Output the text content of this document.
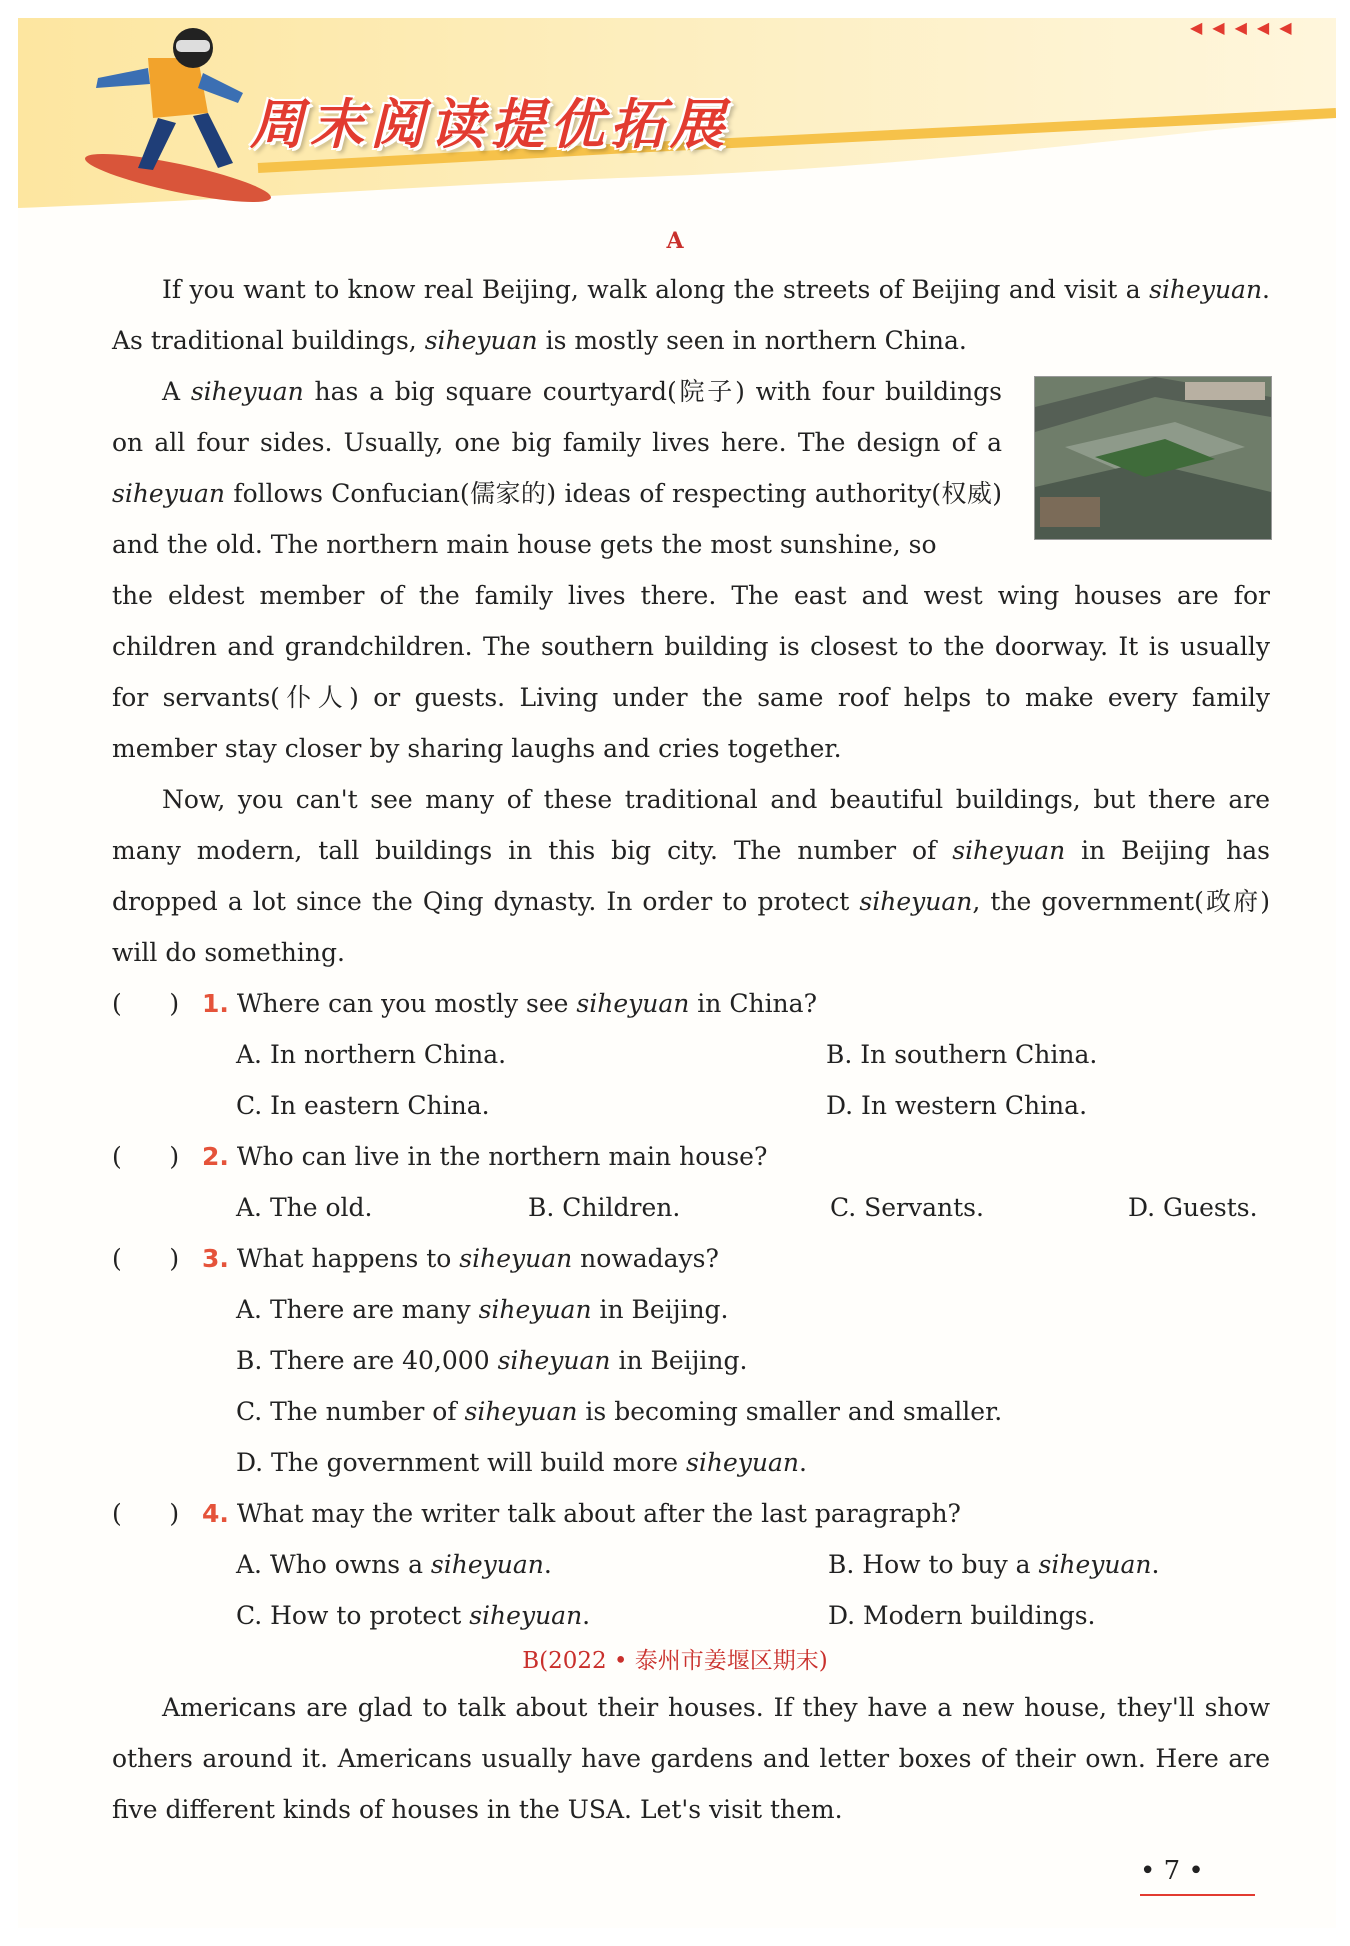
周末阅读提优拓展
◀◀◀◀◀
A

If you want to know real Beijing, walk along the streets of Beijing and visit a siheyuan. As traditional buildings, siheyuan is mostly seen in northern China.

A siheyuan has a big square courtyard(院子) with four buildings on all four sides. Usually, one big family lives here. The design of a siheyuan follows Confucian(儒家的) ideas of respecting authority(权威) and the old. The northern main house gets the most sunshine, so

the eldest member of the family lives there. The east and west wing houses are for children and grandchildren. The southern building is closest to the doorway. It is usually for servants(仆人) or guests. Living under the same roof helps to make every family member stay closer by sharing laughs and cries together.

Now, you can't see many of these traditional and beautiful buildings, but there are many modern, tall buildings in this big city. The number of siheyuan in Beijing has dropped a lot since the Qing dynasty. In order to protect siheyuan, the government(政府) will do something.

(      ) 1. Where can you mostly see siheyuan in China?
A. In northern China.	B. In southern China.
C. In eastern China.	D. In western China.
(      ) 2. Who can live in the northern main house?
A. The old.	B. Children.	C. Servants.	D. Guests.
(      ) 3. What happens to siheyuan nowadays?
A. There are many siheyuan in Beijing.
B. There are 40,000 siheyuan in Beijing.
C. The number of siheyuan is becoming smaller and smaller.
D. The government will build more siheyuan.
(      ) 4. What may the writer talk about after the last paragraph?
A. Who owns a siheyuan.	B. How to buy a siheyuan.
C. How to protect siheyuan.	D. Modern buildings.
B(2022 • 泰州市姜堰区期末)

Americans are glad to talk about their houses. If they have a new house, they'll show others around it. Americans usually have gardens and letter boxes of their own. Here are five different kinds of houses in the USA. Let's visit them.

• 7 •
